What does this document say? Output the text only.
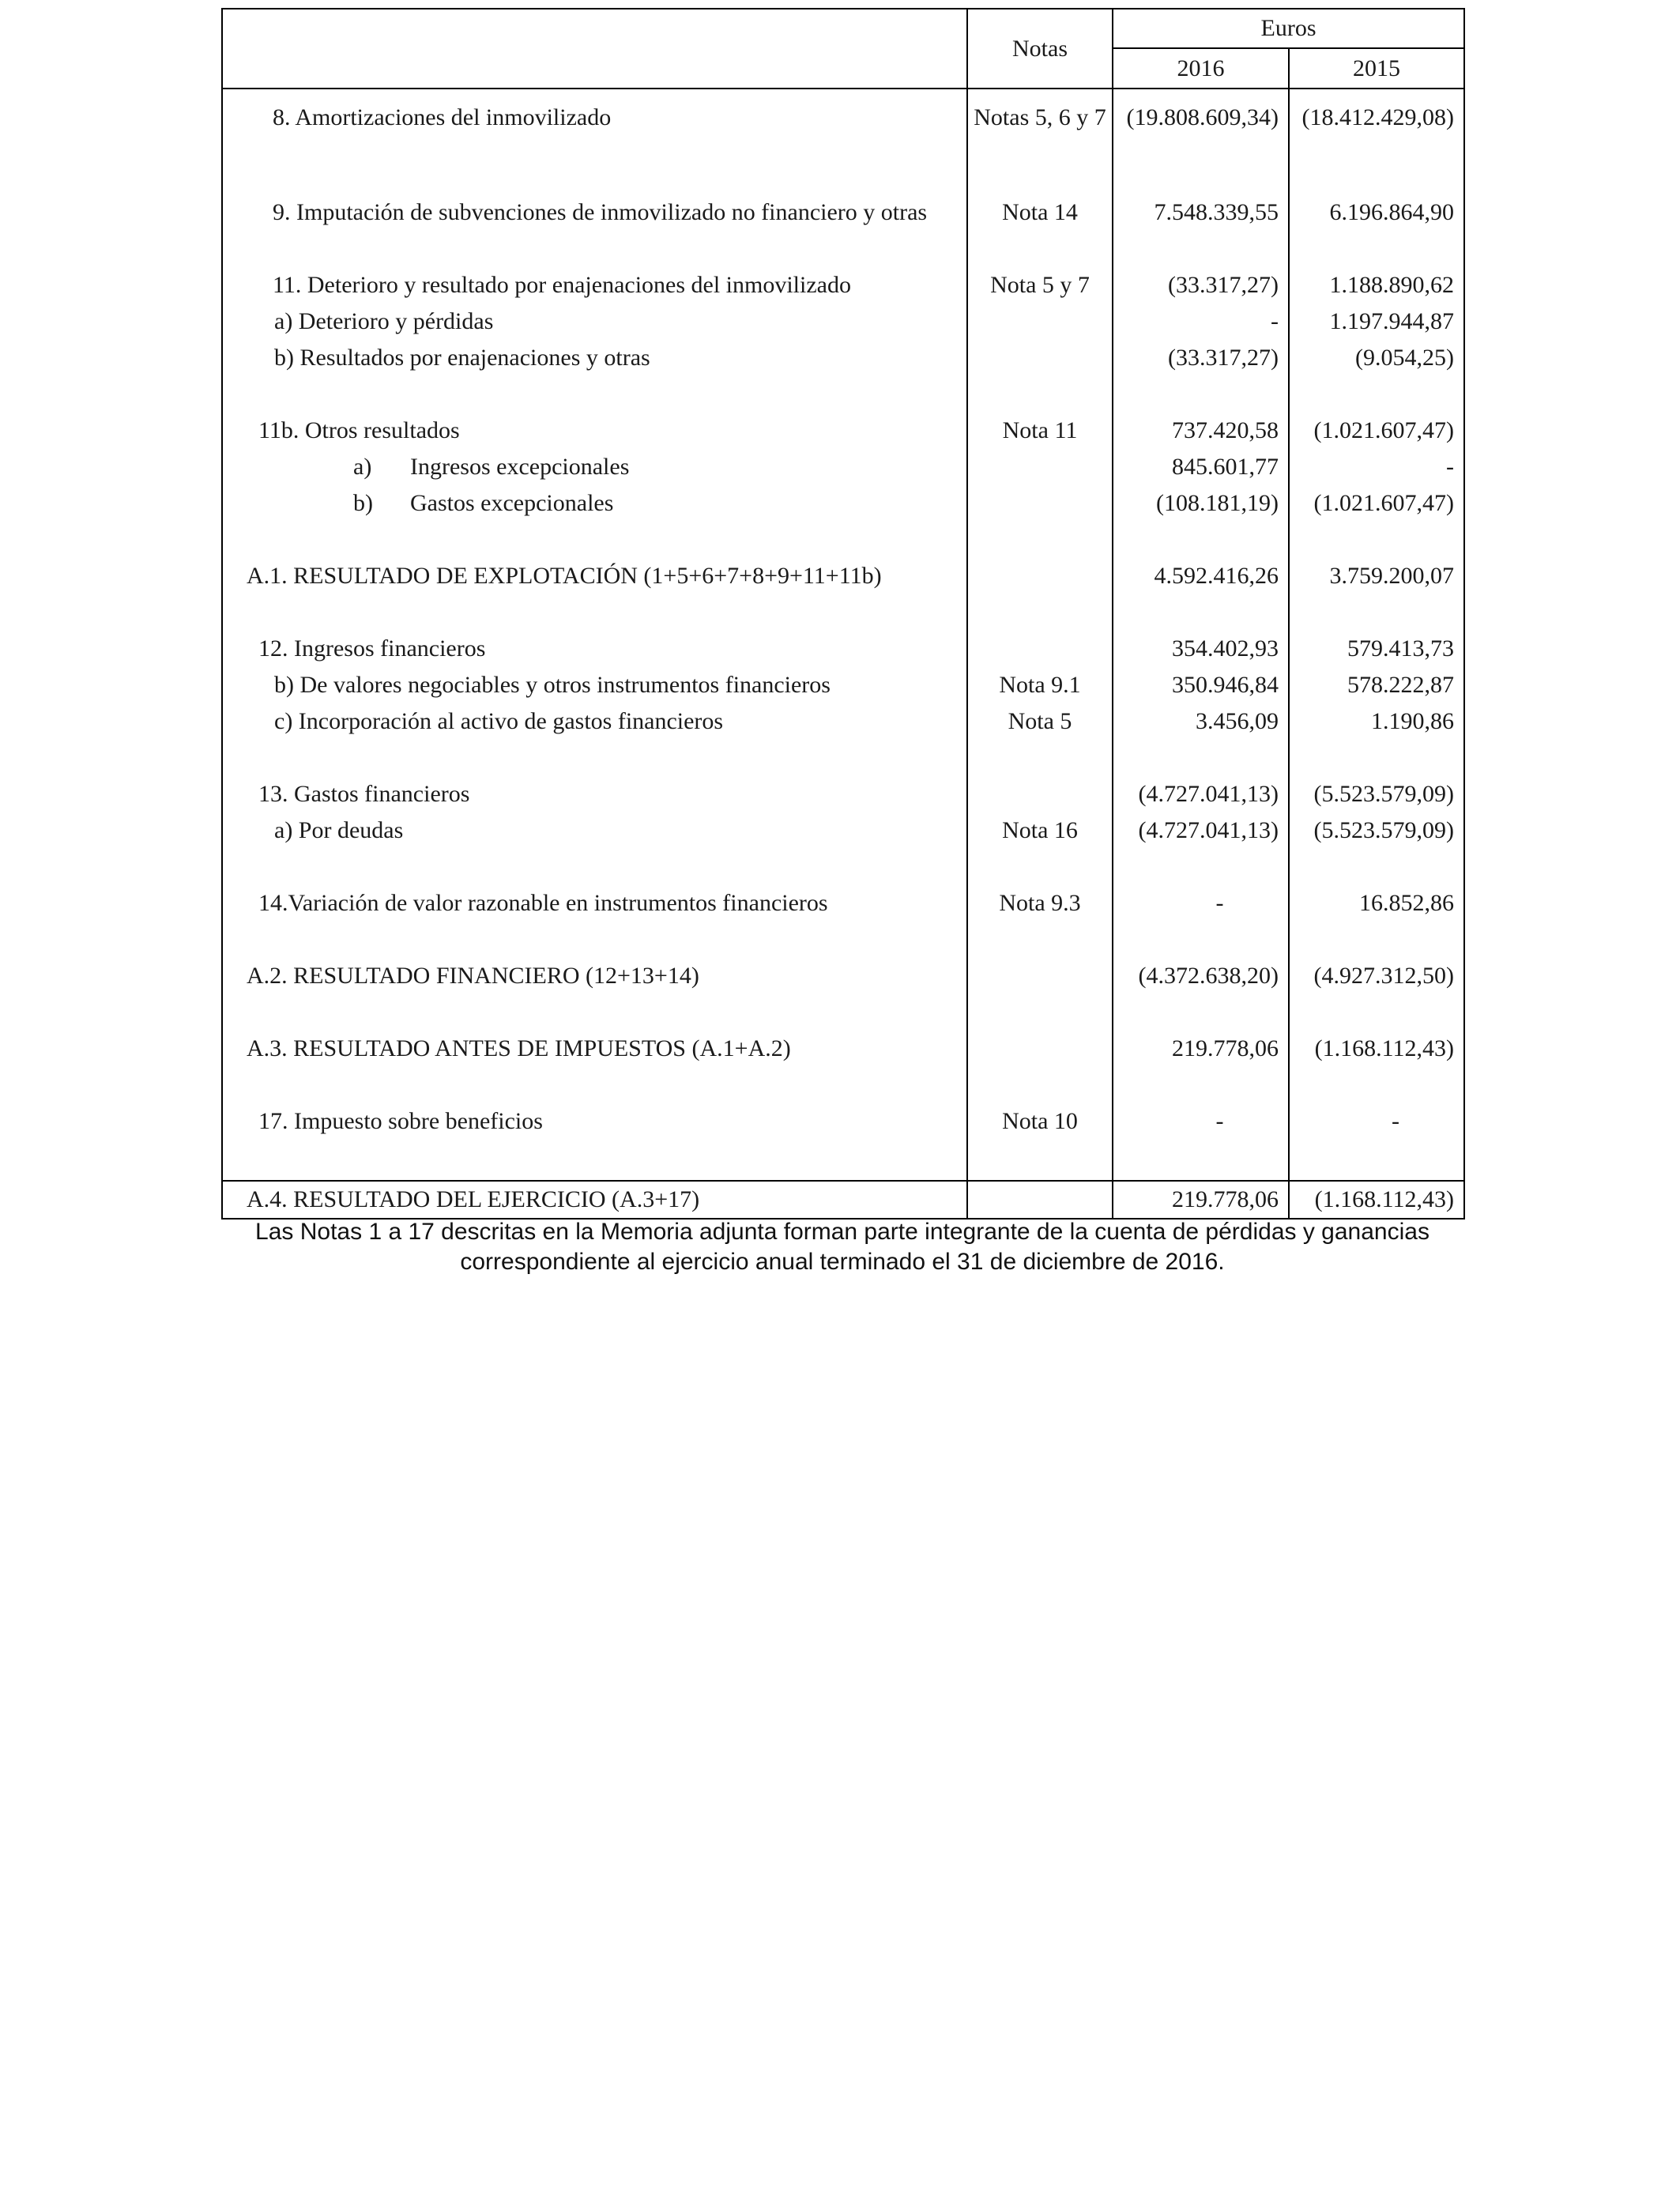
	Notas	Euros	
		2016	2015
8. Amortizaciones del inmovilizado	Notas 5, 6 y 7	(19.808.609,34)	(18.412.429,08)

9. Imputación de subvenciones de inmovilizado no financiero y otras	Nota 14	7.548.339,55	6.196.864,90

11. Deterioro y resultado por enajenaciones del inmovilizado	Nota 5 y 7	(33.317,27)	1.188.890,62
a) Deterioro y pérdidas		-	1.197.944,87
b) Resultados por enajenaciones y otras		(33.317,27)	(9.054,25)

11b. Otros resultados	Nota 11	737.420,58	(1.021.607,47)
a) Ingresos excepcionales		845.601,77	-
b) Gastos excepcionales		(108.181,19)	(1.021.607,47)

A.1. RESULTADO DE EXPLOTACIÓN (1+5+6+7+8+9+11+11b)		4.592.416,26	3.759.200,07

12. Ingresos financieros		354.402,93	579.413,73
b) De valores negociables y otros instrumentos financieros	Nota 9.1	350.946,84	578.222,87
c) Incorporación al activo de gastos financieros	Nota 5	3.456,09	1.190,86

13. Gastos financieros		(4.727.041,13)	(5.523.579,09)
a) Por deudas	Nota 16	(4.727.041,13)	(5.523.579,09)

14.Variación de valor razonable en instrumentos financieros	Nota 9.3	-	16.852,86

A.2. RESULTADO FINANCIERO (12+13+14)		(4.372.638,20)	(4.927.312,50)

A.3. RESULTADO ANTES DE IMPUESTOS (A.1+A.2)		219.778,06	(1.168.112,43)

17. Impuesto sobre beneficios	Nota 10	-	-

A.4. RESULTADO DEL EJERCICIO (A.3+17)		219.778,06	(1.168.112,43)
Las Notas 1 a 17 descritas en la Memoria adjunta forman parte integrante de la cuenta de pérdidas y ganancias
correspondiente al ejercicio anual terminado el 31 de diciembre de 2016.
